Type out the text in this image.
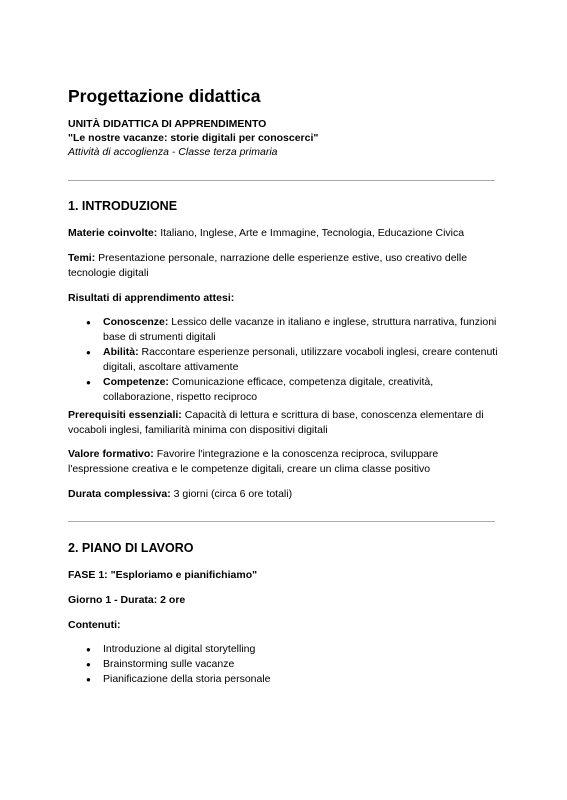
Progettazione didattica
UNITÀ DIDATTICA DI APPRENDIMENTO
"Le nostre vacanze: storie digitali per conoscerci"
Attività di accoglienza - Classe terza primaria
1. INTRODUZIONE

Materie coinvolte: Italiano, Inglese, Arte e Immagine, Tecnologia, Educazione Civica

Temi: Presentazione personale, narrazione delle esperienze estive, uso creativo delle tecnologie digitali

Risultati di apprendimento attesi:

● Conoscenze: Lessico delle vacanze in italiano e inglese, struttura narrativa, funzioni base di strumenti digitali
● Abilità: Raccontare esperienze personali, utilizzare vocaboli inglesi, creare contenuti digitali, ascoltare attivamente
● Competenze: Comunicazione efficace, competenza digitale, creatività, collaborazione, rispetto reciproco

Prerequisiti essenziali: Capacità di lettura e scrittura di base, conoscenza elementare di vocaboli inglesi, familiarità minima con dispositivi digitali

Valore formativo: Favorire l'integrazione e la conoscenza reciproca, sviluppare l'espressione creativa e le competenze digitali, creare un clima classe positivo

Durata complessiva: 3 giorni (circa 6 ore totali)

2. PIANO DI LAVORO

FASE 1: "Esploriamo e pianifichiamo"

Giorno 1 - Durata: 2 ore

Contenuti:

● Introduzione al digital storytelling
● Brainstorming sulle vacanze
● Pianificazione della storia personale
